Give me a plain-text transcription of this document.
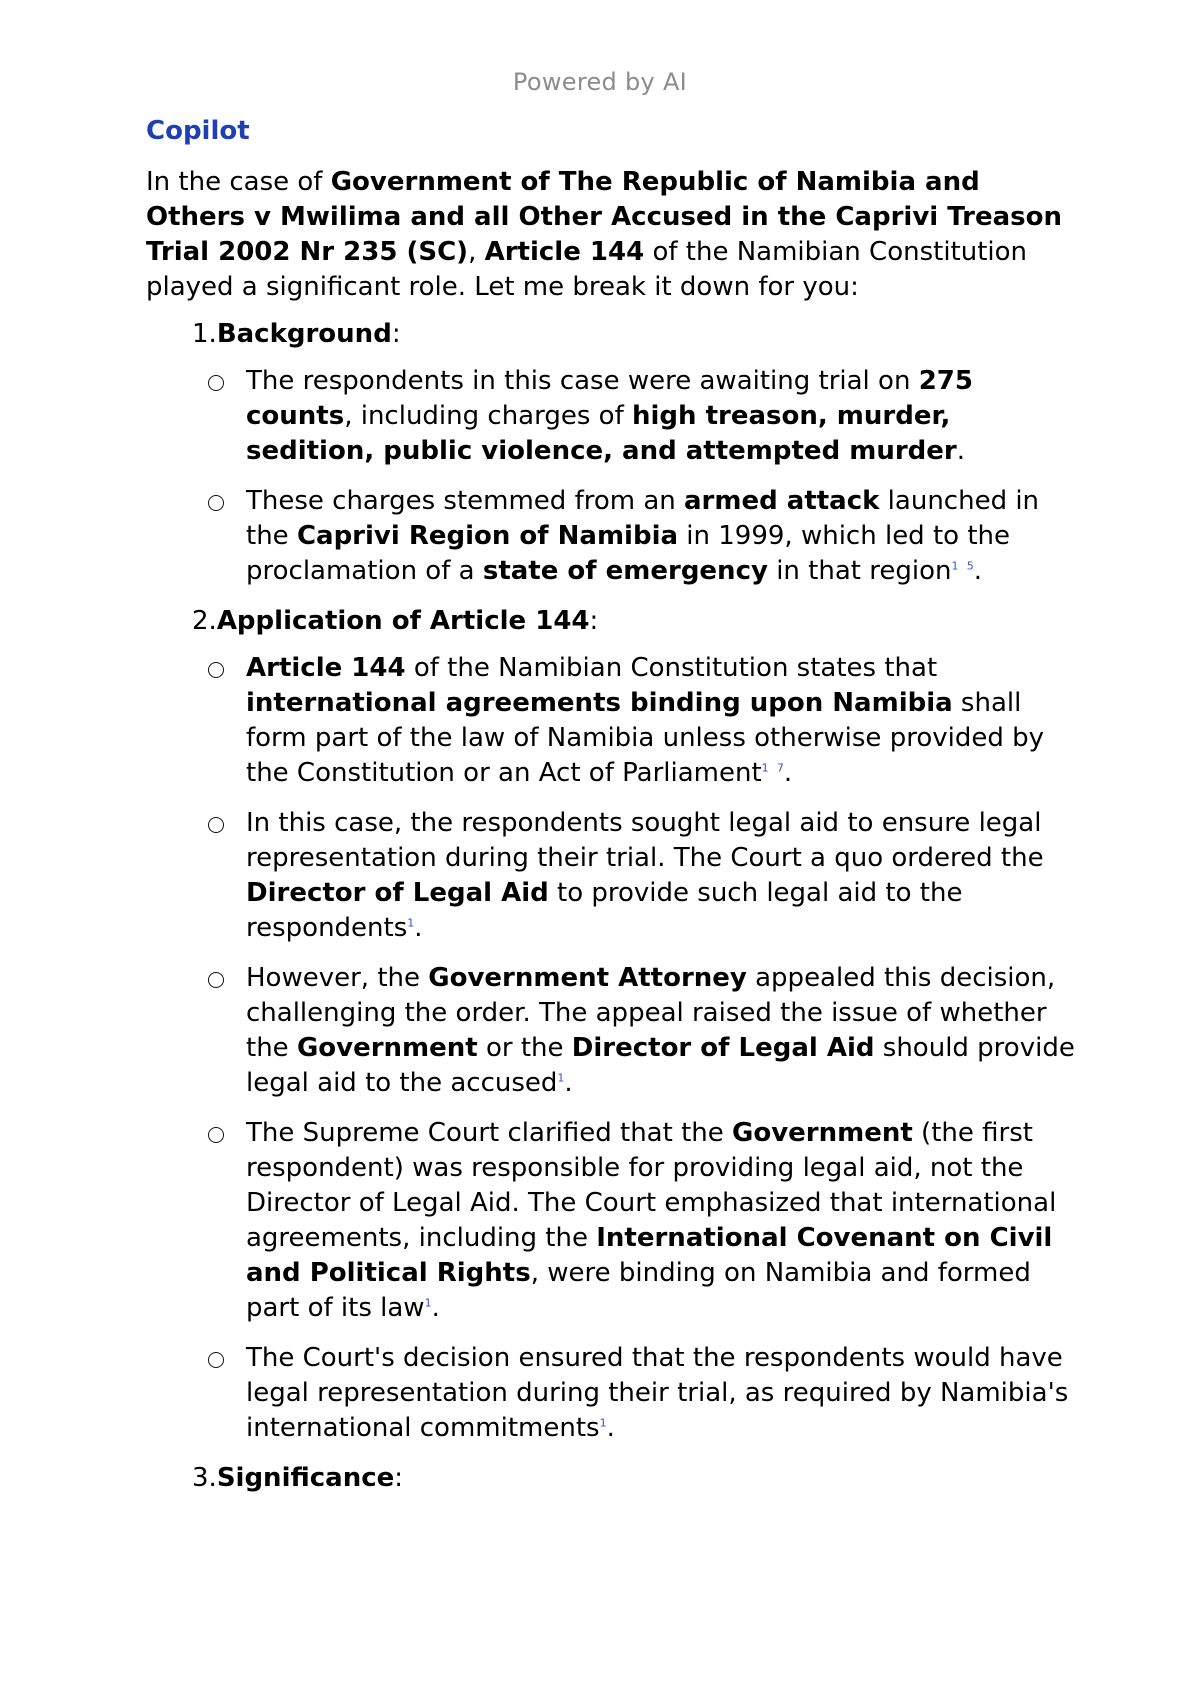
Powered by AI
Copilot

In the case of Government of The Republic of Namibia and Others v Mwilima and all Other Accused in the Caprivi Treason Trial 2002 Nr 235 (SC), Article 144 of the Namibian Constitution played a significant role. Let me break it down for you:

1.Background:
The respondents in this case were awaiting trial on 275 counts, including charges of high treason, murder, sedition, public violence, and attempted murder.
These charges stemmed from an armed attack launched in the Caprivi Region of Namibia in 1999, which led to the proclamation of a state of emergency in that region$^1$ $^5$.
2.Application of Article 144:
Article 144 of the Namibian Constitution states that international agreements binding upon Namibia shall form part of the law of Namibia unless otherwise provided by the Constitution or an Act of Parliament$^1$ $^7$.
In this case, the respondents sought legal aid to ensure legal representation during their trial. The Court a quo ordered the Director of Legal Aid to provide such legal aid to the respondents$^1$.
However, the Government Attorney appealed this decision, challenging the order. The appeal raised the issue of whether the Government or the Director of Legal Aid should provide legal aid to the accused$^1$.
The Supreme Court clarified that the Government (the first respondent) was responsible for providing legal aid, not the Director of Legal Aid. The Court emphasized that international agreements, including the International Covenant on Civil and Political Rights, were binding on Namibia and formed part of its law$^1$.
The Court's decision ensured that the respondents would have legal representation during their trial, as required by Namibia's international commitments$^1$.
3.Significance:
